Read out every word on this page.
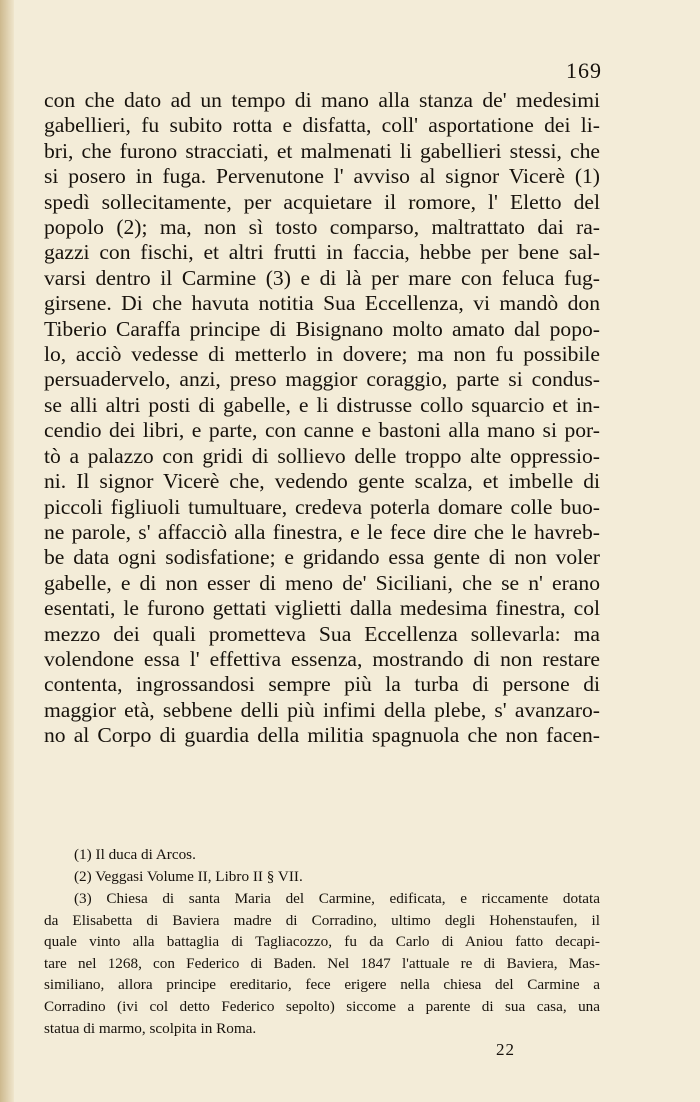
169
con che dato ad un tempo di mano alla stanza de' medesimi
gabellieri, fu subito rotta e disfatta, coll' asportatione dei li-
bri, che furono stracciati, et malmenati li gabellieri stessi, che
si posero in fuga. Pervenutone l' avviso al signor Vicerè (1)
spedì sollecitamente, per acquietare il romore, l' Eletto del
popolo (2); ma, non sì tosto comparso, maltrattato dai ra-
gazzi con fischi, et altri frutti in faccia, hebbe per bene sal-
varsi dentro il Carmine (3) e di là per mare con feluca fug-
girsene. Di che havuta notitia Sua Eccellenza, vi mandò don
Tiberio Caraffa principe di Bisignano molto amato dal popo-
lo, acciò vedesse di metterlo in dovere; ma non fu possibile
persuadervelo, anzi, preso maggior coraggio, parte si condus-
se alli altri posti di gabelle, e li distrusse collo squarcio et in-
cendio dei libri, e parte, con canne e bastoni alla mano si por-
tò a palazzo con gridi di sollievo delle troppo alte oppressio-
ni. Il signor Vicerè che, vedendo gente scalza, et imbelle di
piccoli figliuoli tumultuare, credeva poterla domare colle buo-
ne parole, s' affacciò alla finestra, e le fece dire che le havreb-
be data ogni sodisfatione; e gridando essa gente di non voler
gabelle, e di non esser di meno de' Siciliani, che se n' erano
esentati, le furono gettati viglietti dalla medesima finestra, col
mezzo dei quali prometteva Sua Eccellenza sollevarla: ma
volendone essa l' effettiva essenza, mostrando di non restare
contenta, ingrossandosi sempre più la turba di persone di
maggior età, sebbene delli più infimi della plebe, s' avanzaro-
no al Corpo di guardia della militia spagnuola che non facen-
(1) Il duca di Arcos.
(2) Veggasi Volume II, Libro II § VII.
(3) Chiesa di santa Maria del Carmine, edificata, e riccamente dotata
da Elisabetta di Baviera madre di Corradino, ultimo degli Hohenstaufen, il
quale vinto alla battaglia di Tagliacozzo, fu da Carlo di Aniou fatto decapi-
tare nel 1268, con Federico di Baden. Nel 1847 l'attuale re di Baviera, Mas-
similiano, allora principe ereditario, fece erigere nella chiesa del Carmine a
Corradino (ivi col detto Federico sepolto) siccome a parente di sua casa, una
statua di marmo, scolpita in Roma.
22
